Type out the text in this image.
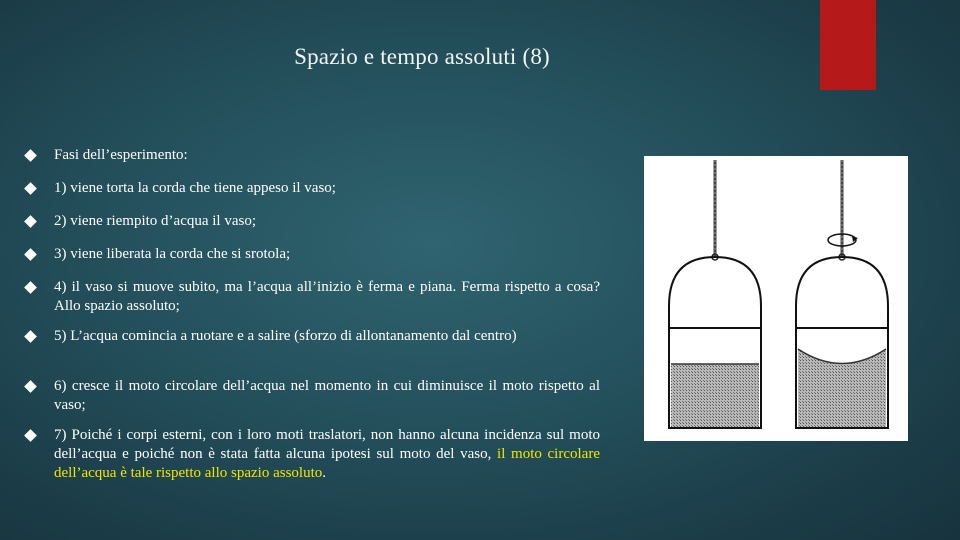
Spazio e tempo assoluti (8)
Fasi dell’esperimento:
1) viene torta la corda che tiene appeso il vaso;
2) viene riempito d’acqua il vaso;
3) viene liberata la corda che si srotola;
4) il vaso si muove subito, ma l’acqua all’inizio è ferma e piana. Ferma rispetto a cosa? Allo spazio assoluto;
5) L’acqua comincia a ruotare e a salire (sforzo di allontanamento dal centro)
6) cresce il moto circolare dell’acqua nel momento in cui diminuisce il moto rispetto al vaso;
7) Poiché i corpi esterni, con i loro moti traslatori, non hanno alcuna incidenza sul moto dell’acqua e poiché non è stata fatta alcuna ipotesi sul moto del vaso, il moto circolare dell’acqua è tale rispetto allo spazio assoluto.
